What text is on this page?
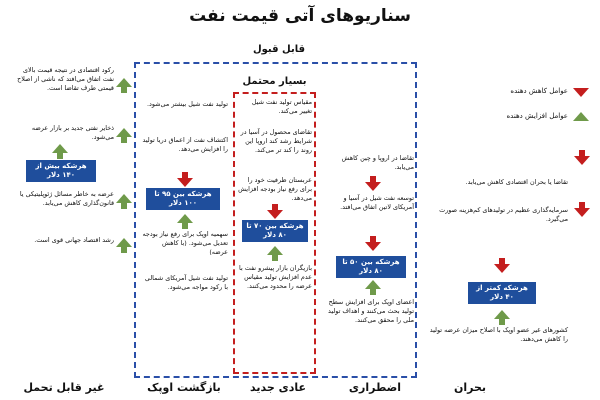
سناریوهای آتی قیمت نفت
قابل قبول
بسیار محتمل
عوامل کاهش دهنده
عوامل افزایش دهنده
تقاضا یا بحران اقتصادی کاهش می‌یابد.
سرمایه‌گذاری عظیم در تولیدهای کم‌هزینه صورت می‌گیرد.
هرشکه کمتر از ۴۰ دلار
کشورهای غیر عضو اوپک با اصلاح میزان عرضه تولید را کاهش می‌دهند.
تقاضا در اروپا و چین کاهش می‌یابد.
توسعه نفت شیل در آسیا و آمریکای لاتین اتفاق می‌افتد.
هرشکه بین ۵۰ تا ۸۰ دلار
اعضای اوپک برای افزایش سطح تولید بحث می‌کنند و اهداف تولید ملی را محقق می‌کنند.
مقیاس تولید نفت شیل تغییر می‌کند.
تقاضای محصول در آسیا در شرایط رشد کند اروپا این روند را کند تر می‌کند.
عربستان ظرفیت خود را برای رفع نیاز بودجه افزایش می‌دهد.
هرشکه بین ۷۰ تا ۸۰ دلار
بازیگران بازار پیشرو نفت با عدم افزایش تولید مقیاس عرضه را محدود می‌کنند.
تولید نفت شیل بیشتر می‌شود.
اکتشاف نفت از اعماق دریا تولید را افزایش می‌دهد.
هرشکه بین ۹۵ تا ۱۰۰ دلار
سهمیه اوپک برای رفع نیاز بودجه تعدیل می‌شود. (با کاهش عرضه)
تولید نفت شیل آمریکای شمالی با رکود مواجه می‌شود.
رکود اقتصادی در نتیجه قیمت بالای نفت اتفاق می‌افتد که ناشی از اصلاح قیمتی طرف تقاضا است.
ذخایر نفتی جدید بر بازار عرضه می‌شود.
هرشکه بیش از ۱۴۰ دلار
عرضه به خاطر مسائل ژئوپلیتیکی یا قانون‌گذاری کاهش می‌یابد.
رشد اقتصاد جهانی قوی است.
بحران
اضطراری
عادی جدید
بازگشت اوپک
غیر قابل تحمل
